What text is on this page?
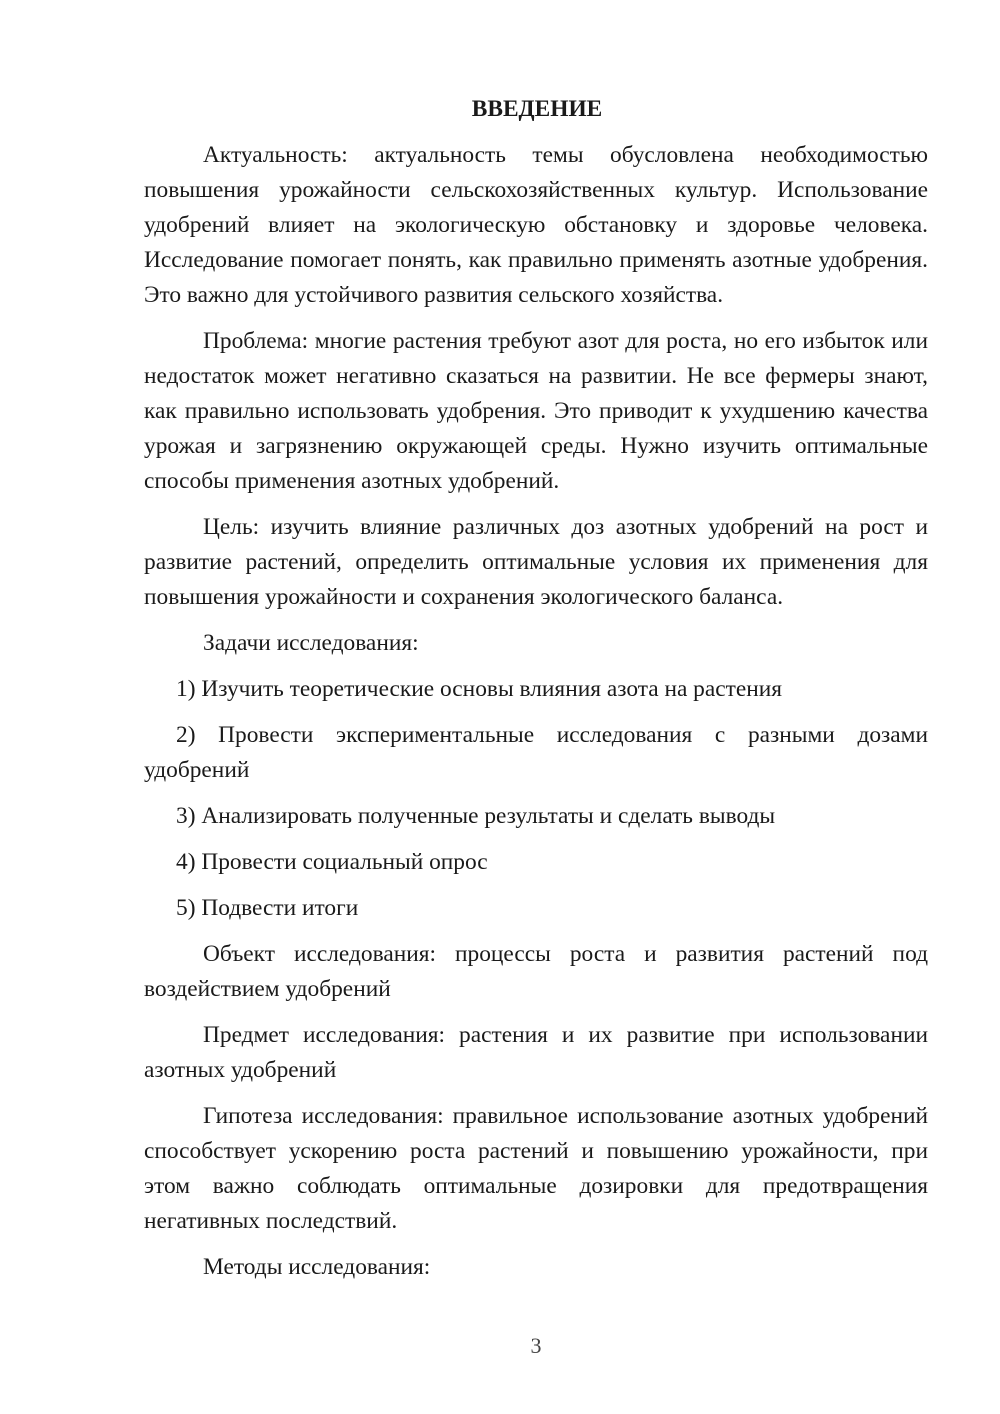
ВВЕДЕНИЕ
Актуальность: актуальность темы обусловлена необходимостью повышения урожайности сельскохозяйственных культур. Использование удобрений влияет на экологическую обстановку и здоровье человека. Исследование помогает понять, как правильно применять азотные удобрения. Это важно для устойчивого развития сельского хозяйства.
Проблема: многие растения требуют азот для роста, но его избыток или недостаток может негативно сказаться на развитии. Не все фермеры знают, как правильно использовать удобрения. Это приводит к ухудшению качества урожая и загрязнению окружающей среды. Нужно изучить оптимальные способы применения азотных удобрений.
Цель: изучить влияние различных доз азотных удобрений на рост и развитие растений, определить оптимальные условия их применения для повышения урожайности и сохранения экологического баланса.
Задачи исследования:
1) Изучить теоретические основы влияния азота на растения
2) Провести экспериментальные исследования с разными дозами удобрений
3) Анализировать полученные результаты и сделать выводы
4) Провести социальный опрос
5) Подвести итоги
Объект исследования: процессы роста и развития растений под воздействием удобрений
Предмет исследования: растения и их развитие при использовании азотных удобрений
Гипотеза исследования: правильное использование азотных удобрений способствует ускорению роста растений и повышению урожайности, при этом важно соблюдать оптимальные дозировки для предотвращения негативных последствий.
Методы исследования:
3
